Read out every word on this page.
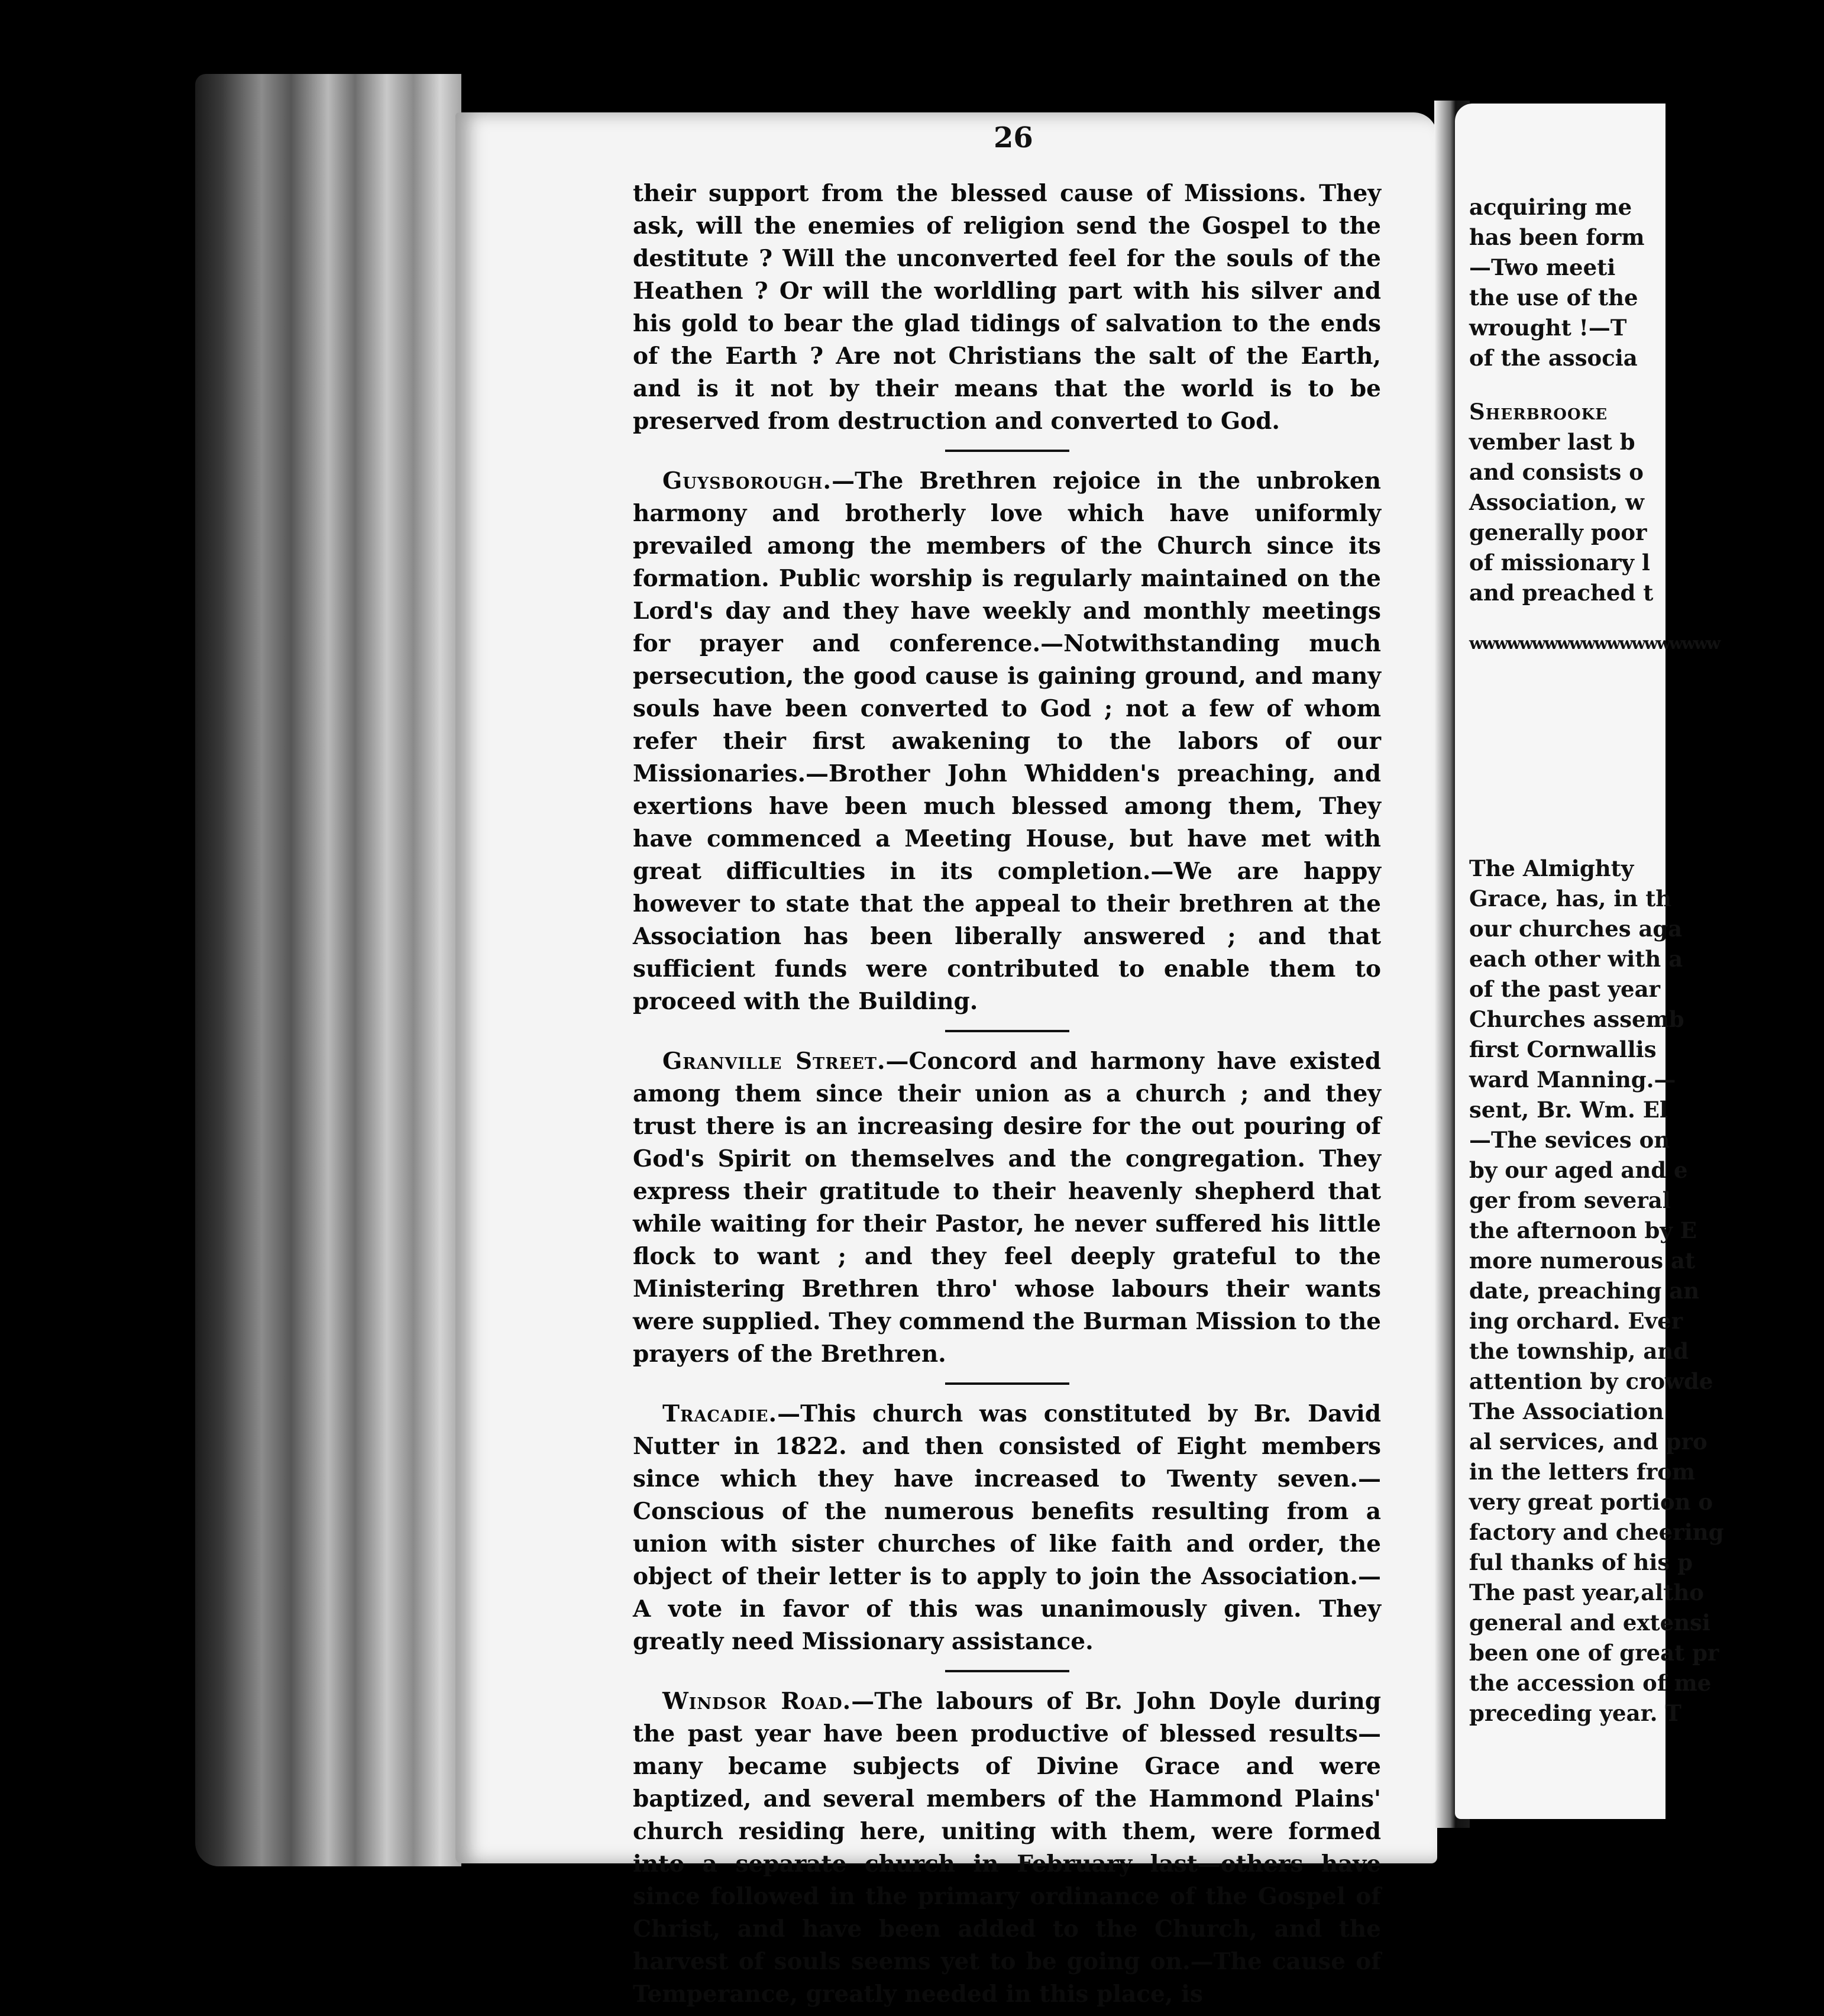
26

their support from the blessed cause of Missions. They ask, will the enemies of religion send the Gospel to the destitute ? Will the unconverted feel for the souls of the Heathen ? Or will the worldling part with his silver and his gold to bear the glad tidings of salvation to the ends of the Earth ? Are not Christians the salt of the Earth, and is it not by their means that the world is to be preserved from destruction and converted to God.

Guysborough.—The Brethren rejoice in the unbroken harmony and brotherly love which have uniformly prevailed among the members of the Church since its formation. Public worship is regularly maintained on the Lord's day and they have weekly and monthly meetings for prayer and conference.—Notwithstanding much persecution, the good cause is gaining ground, and many souls have been converted to God ; not a few of whom refer their first awakening to the labors of our Missionaries.—Brother John Whidden's preaching, and exertions have been much blessed among them, They have commenced a Meeting House, but have met with great difficulties in its completion.—We are happy however to state that the appeal to their brethren at the Association has been liberally answered ; and that sufficient funds were contributed to enable them to proceed with the Building.

Granville Street.—Concord and harmony have existed among them since their union as a church ; and they trust there is an increasing desire for the out pouring of God's Spirit on themselves and the congregation. They express their gratitude to their heavenly shepherd that while waiting for their Pastor, he never suffered his little flock to want ; and they feel deeply grateful to the Ministering Brethren thro' whose labours their wants were supplied. They commend the Burman Mission to the prayers of the Brethren.

Tracadie.—This church was constituted by Br. David Nutter in 1822. and then consisted of Eight members since which they have increased to Twenty seven.—Conscious of the numerous benefits resulting from a union with sister churches of like faith and order, the object of their letter is to apply to join the Association.—A vote in favor of this was unanimously given. They greatly need Missionary assistance.

Windsor Road.—The labours of Br. John Doyle during the past year have been productive of blessed results—many became subjects of Divine Grace and were baptized, and several members of the Hammond Plains' church residing here, uniting with them, were formed into a separate church in February last—others have since followed in the primary ordinance of the Gospel of Christ, and have been added to the Church, and the harvest of souls seems yet to be going on.—The cause of Temperance, greatly needed in this place, is

acquiring me
has been form
—Two meeti
the use of the
wrought !—T
of the associa
Sherbrooke
vember last b
and consists o
Association, w
generally poor
of missionary l
and preached t
wwwwwwwwwwwwwwwwwwww
The Almighty
Grace, has, in th
our churches aga
each other with a
of the past year
Churches assemb
first Cornwallis
ward Manning.—
sent, Br. Wm. El
—The sevices on
by our aged and e
ger from several
the afternoon by E
more numerous at
date, preaching an
ing orchard. Ever
the township, and
attention by crowde
The Association
al services, and pro
in the letters from
very great portion o
factory and cheering
ful thanks of his p
The past year,altho
general and extensi
been one of great pr
the accession of me
preceding year. T
